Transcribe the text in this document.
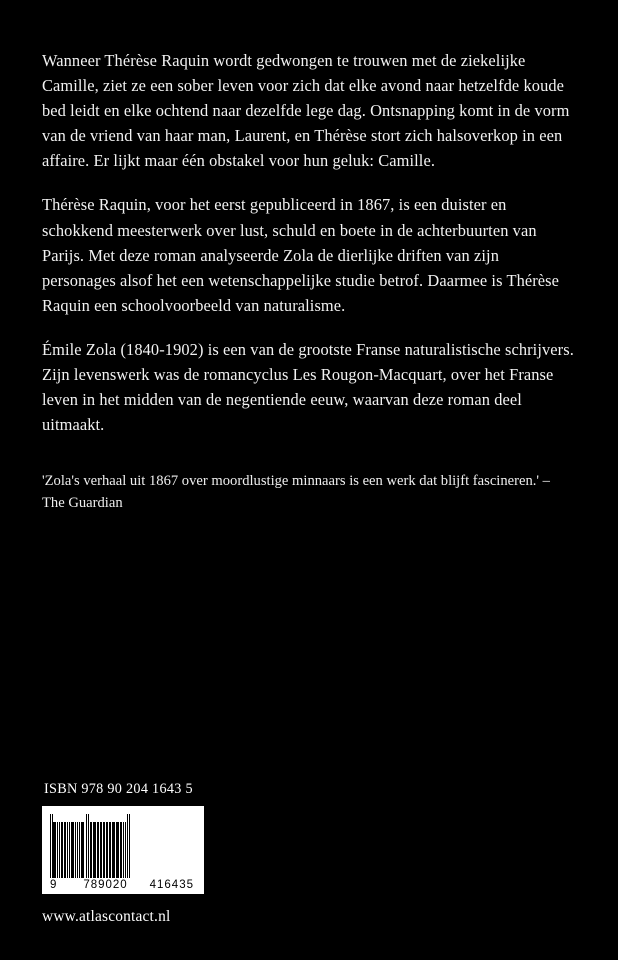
Wanneer Thérèse Raquin wordt gedwongen te trouwen met de ziekelijke Camille, ziet ze een sober leven voor zich dat elke avond naar hetzelfde koude bed leidt en elke ochtend naar dezelfde lege dag. Ontsnapping komt in de vorm van de vriend van haar man, Laurent, en Thérèse stort zich halsoverkop in een affaire. Er lijkt maar één obstakel voor hun geluk: Camille.

Thérèse Raquin, voor het eerst gepubliceerd in 1867, is een duister en schokkend meesterwerk over lust, schuld en boete in de achterbuurten van Parijs. Met deze roman analyseerde Zola de dierlijke driften van zijn personages alsof het een wetenschappelijke studie betrof. Daarmee is Thérèse Raquin een schoolvoorbeeld van naturalisme.

Émile Zola (1840-1902) is een van de grootste Franse naturalistische schrijvers. Zijn levenswerk was de romancyclus Les Rougon-Macquart, over het Franse leven in het midden van de negentiende eeuw, waarvan deze roman deel uitmaakt.

'Zola's verhaal uit 1867 over moordlustige minnaars is een werk dat blijft fascineren.' – The Guardian

ISBN 978 90 204 1643 5
9 789020 416435
www.atlascontact.nl
